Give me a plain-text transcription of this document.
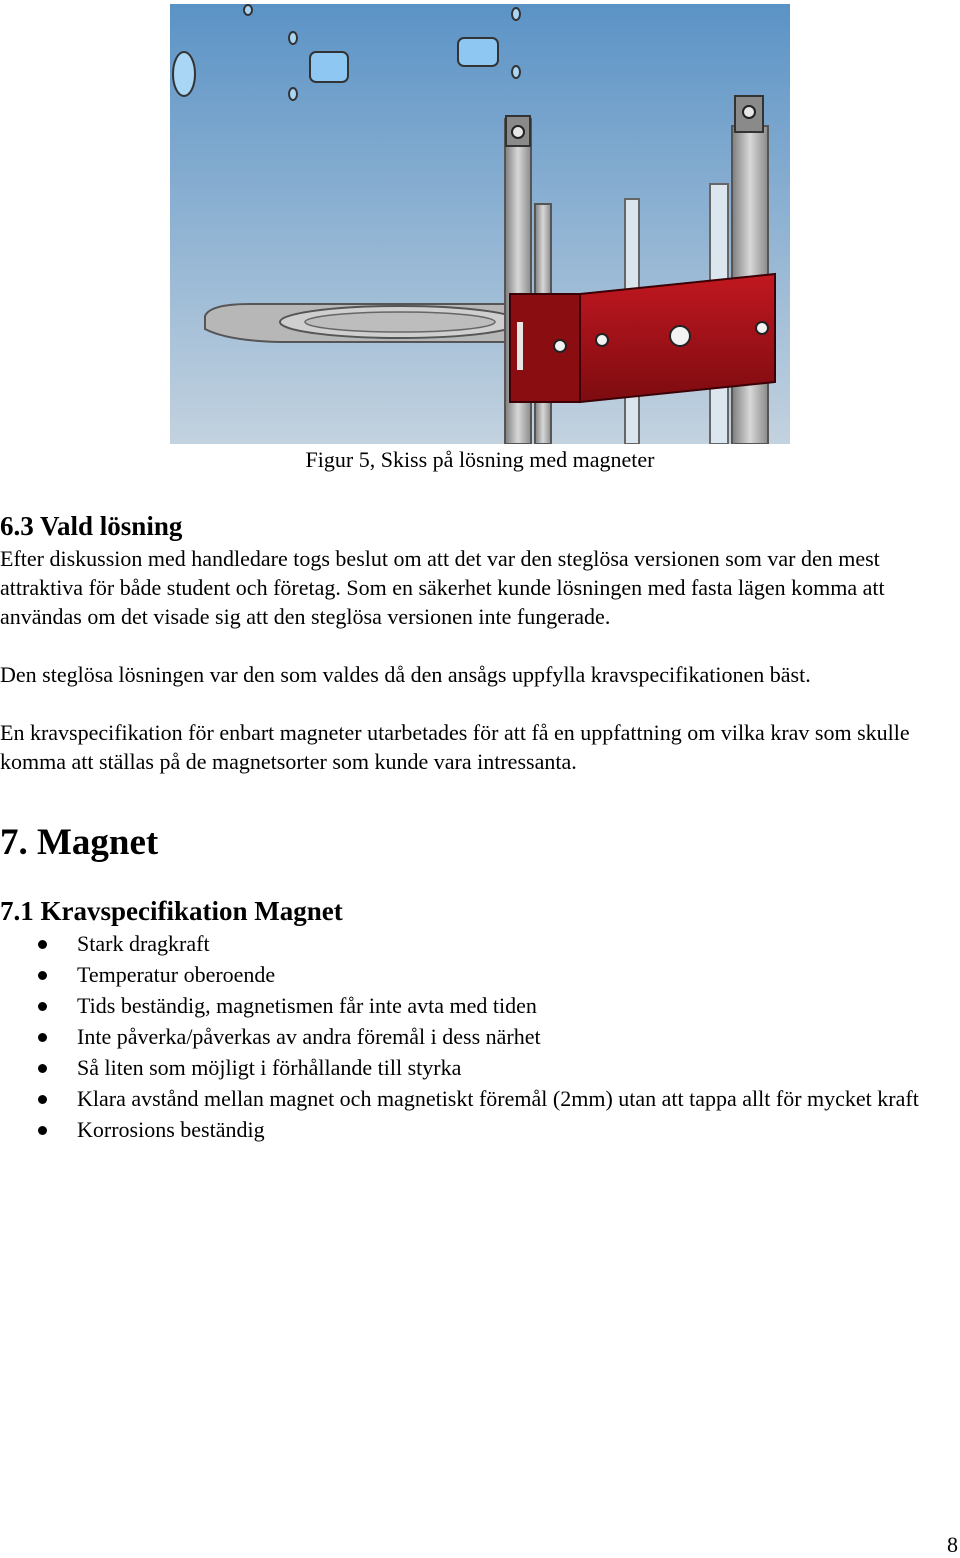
Figur 5, Skiss på lösning med magneter
6.3 Vald lösning
Efter diskussion med handledare togs beslut om att det var den steglösa versionen som var den mest attraktiva för både student och företag. Som en säkerhet kunde lösningen med fasta lägen komma att användas om det visade sig att den steglösa versionen inte fungerade.
Den steglösa lösningen var den som valdes då den ansågs uppfylla kravspecifikationen bäst.
En kravspecifikation för enbart magneter utarbetades för att få en uppfattning om vilka krav som skulle komma att ställas på de magnetsorter som kunde vara intressanta.
7. Magnet
7.1 Kravspecifikation Magnet
Stark dragkraft
Temperatur oberoende
Tids beständig, magnetismen får inte avta med tiden
Inte påverka/påverkas av andra föremål i dess närhet
Så liten som möjligt i förhållande till styrka
Klara avstånd mellan magnet och magnetiskt föremål (2mm) utan att tappa allt för mycket kraft
Korrosions beständig
8
